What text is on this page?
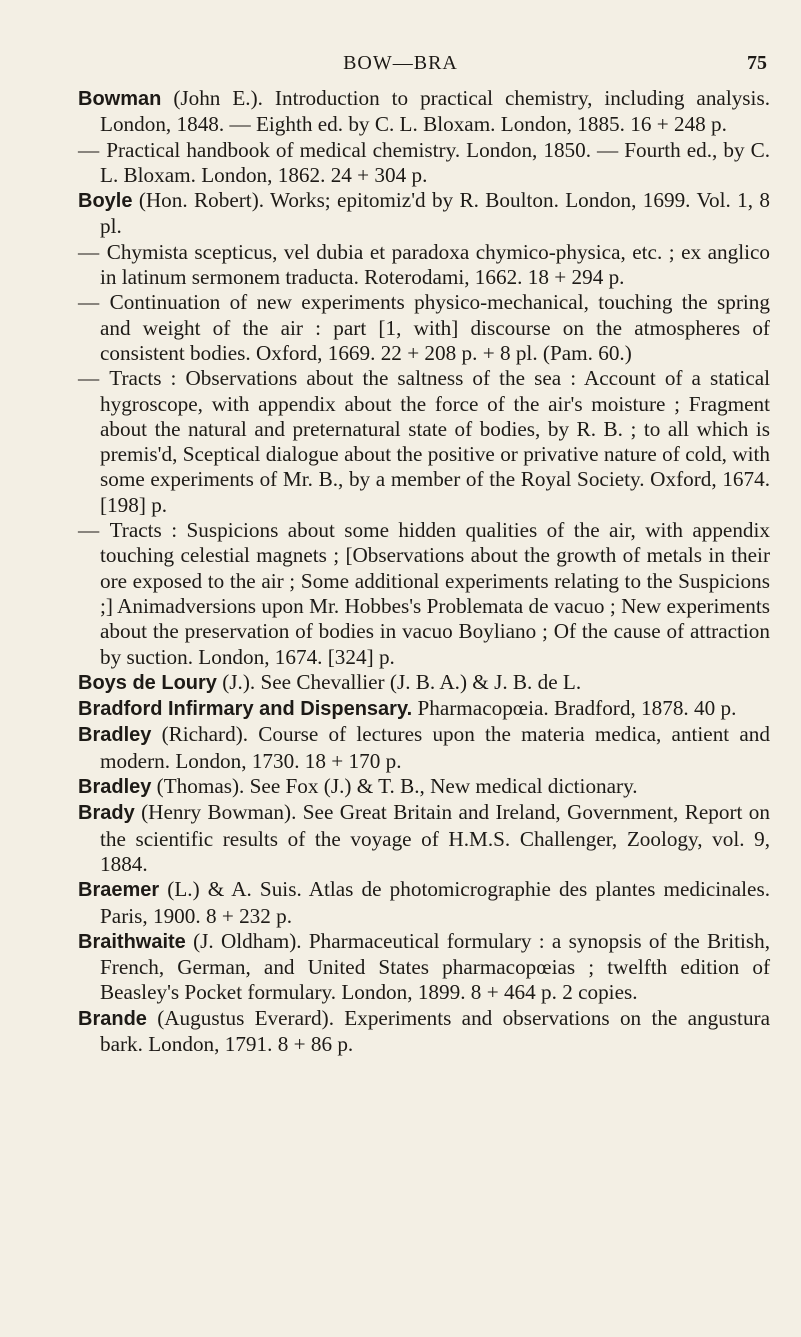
BOW—BRA	75

Bowman (John E.). Introduction to practical chemistry, including analysis. London, 1848. — Eighth ed. by C. L. Bloxam. London, 1885. 16 + 248 p.

— Practical handbook of medical chemistry. London, 1850. — Fourth ed., by C. L. Bloxam. London, 1862. 24 + 304 p.

Boyle (Hon. Robert). Works; epitomiz'd by R. Boulton. London, 1699. Vol. 1, 8 pl.

— Chymista scepticus, vel dubia et paradoxa chymico-physica, etc. ; ex anglico in latinum sermonem traducta. Roterodami, 1662. 18 + 294 p.

— Continuation of new experiments physico-mechanical, touching the spring and weight of the air : part [1, with] discourse on the atmospheres of consistent bodies. Oxford, 1669. 22 + 208 p. + 8 pl. (Pam. 60.)

— Tracts : Observations about the saltness of the sea : Account of a statical hygroscope, with appendix about the force of the air's moisture ; Fragment about the natural and preternatural state of bodies, by R. B. ; to all which is premis'd, Sceptical dialogue about the positive or privative nature of cold, with some experiments of Mr. B., by a member of the Royal Society. Oxford, 1674. [198] p.

— Tracts : Suspicions about some hidden qualities of the air, with appendix touching celestial magnets ; [Observations about the growth of metals in their ore exposed to the air ; Some additional experiments relating to the Suspicions ;] Animadversions upon Mr. Hobbes's Problemata de vacuo ; New experiments about the preservation of bodies in vacuo Boyliano ; Of the cause of attraction by suction. London, 1674. [324] p.

Boys de Loury (J.). See Chevallier (J. B. A.) & J. B. de L.

Bradford Infirmary and Dispensary. Pharmacopœia. Bradford, 1878. 40 p.

Bradley (Richard). Course of lectures upon the materia medica, antient and modern. London, 1730. 18 + 170 p.

Bradley (Thomas). See Fox (J.) & T. B., New medical dictionary.

Brady (Henry Bowman). See Great Britain and Ireland, Government, Report on the scientific results of the voyage of H.M.S. Challenger, Zoology, vol. 9, 1884.

Braemer (L.) & A. Suis. Atlas de photomicrographie des plantes medicinales. Paris, 1900. 8 + 232 p.

Braithwaite (J. Oldham). Pharmaceutical formulary : a synopsis of the British, French, German, and United States pharmacopœias ; twelfth edition of Beasley's Pocket formulary. London, 1899. 8 + 464 p. 2 copies.

Brande (Augustus Everard). Experiments and observations on the angustura bark. London, 1791. 8 + 86 p.
